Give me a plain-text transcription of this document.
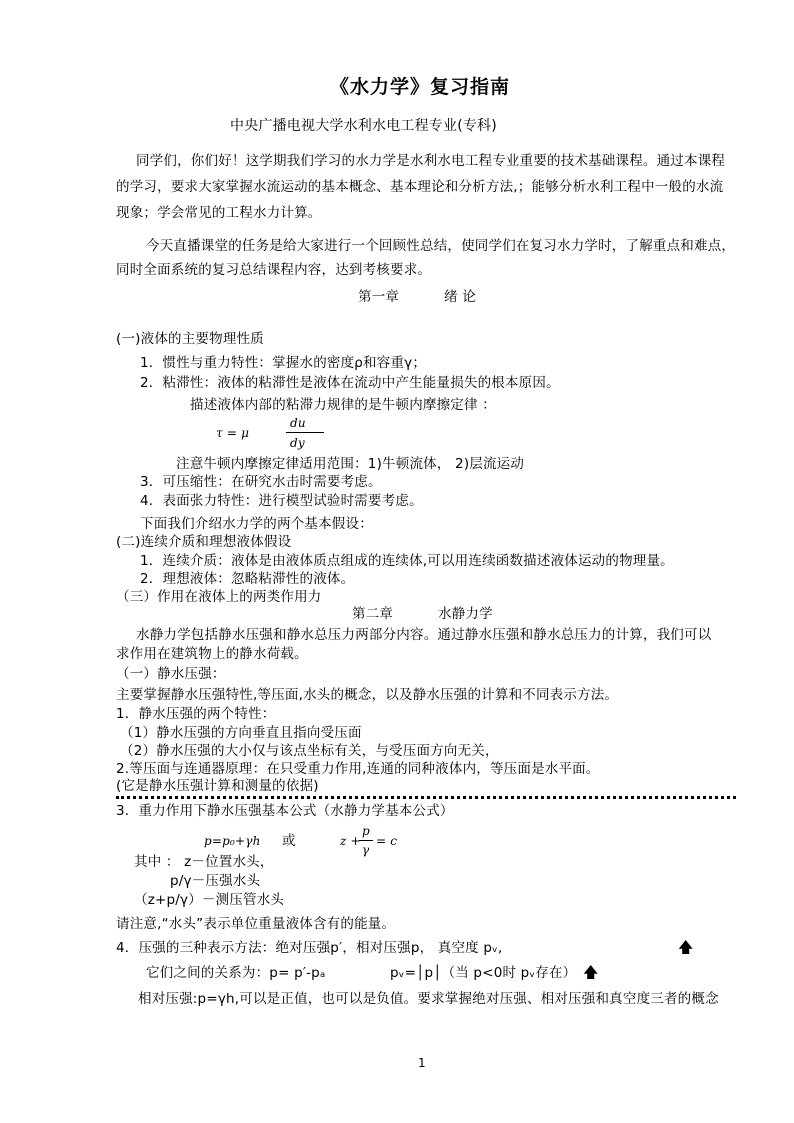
《水力学》复习指南
中央广播电视大学水利水电工程专业(专科)
同学们，你们好！这学期我们学习的水力学是水利水电工程专业重要的技术基础课程。通过本课程
的学习，要求大家掌握水流运动的基本概念、基本理论和分析方法,；能够分析水利工程中一般的水流
现象；学会常见的工程水力计算。
今天直播课堂的任务是给大家进行一个回顾性总结，使同学们在复习水力学时，了解重点和难点，
同时全面系统的复习总结课程内容，达到考核要求。
第一章	绪 论
(一)液体的主要物理性质
1．惯性与重力特性：掌握水的密度ρ和容重γ；
2．粘滞性：液体的粘滞性是液体在流动中产生能量损失的根本原因。
描述液体内部的粘滞力规律的是牛顿内摩擦定律 ：
τ = μ
du
dy
注意牛顿内摩擦定律适用范围：1)牛顿流体， 2)层流运动
3．可压缩性：在研究水击时需要考虑。
4．表面张力特性：进行模型试验时需要考虑。
下面我们介绍水力学的两个基本假设：
(二)连续介质和理想液体假设
1．连续介质：液体是由液体质点组成的连续体,可以用连续函数描述液体运动的物理量。
2．理想液体：忽略粘滞性的液体。
（三）作用在液体上的两类作用力
第二章	水静力学
水静力学包括静水压强和静水总压力两部分内容。通过静水压强和静水总压力的计算，我们可以
求作用在建筑物上的静水荷载。
（一）静水压强：
主要掌握静水压强特性,等压面,水头的概念，以及静水压强的计算和不同表示方法。
1．静水压强的两个特性：
（1）静水压强的方向垂直且指向受压面
（2）静水压强的大小仅与该点坐标有关，与受压面方向无关，
2.等压面与连通器原理：在只受重力作用,连通的同种液体内，等压面是水平面。
(它是静水压强计算和测量的依据)
3．重力作用下静水压强基本公式（水静力学基本公式）
p=p₀+γh 或	z +
p
γ
= c
其中 ： z－位置水头，
p/γ－压强水头
（z+p/γ）－测压管水头
请注意,“水头”表示单位重量液体含有的能量。
4．压强的三种表示方法：绝对压强p′，相对压强p， 真空度 pᵥ,	🡅
它们之间的关系为：p= p′-pₐ	pᵥ=│p│（当 p<0时 pᵥ存在） 🡅
相对压强:p=γh,可以是正值，也可以是负值。要求掌握绝对压强、相对压强和真空度三者的概念
1
